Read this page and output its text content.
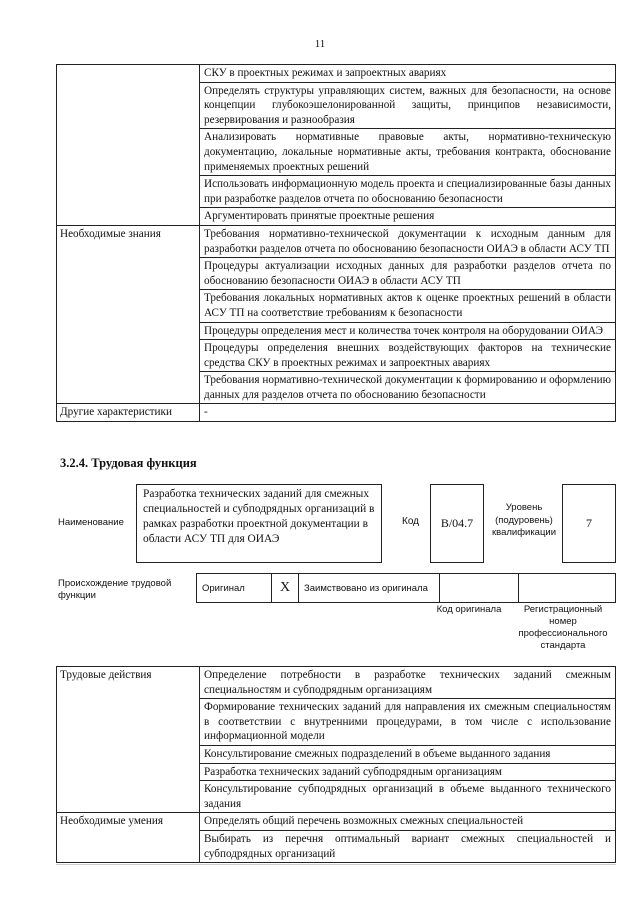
11
	СКУ в проектных режимах и запроектных авариях
	Определять структуры управляющих систем, важных для безопасности, на основе концепции глубокоэшелонированной защиты, принципов независимости, резервирования и разнообразия
	Анализировать нормативные правовые акты, нормативно-техническую документацию, локальные нормативные акты, требования контракта, обоснование применяемых проектных решений
	Использовать информационную модель проекта и специализированные базы данных при разработке разделов отчета по обоснованию безопасности
	Аргументировать принятые проектные решения
Необходимые знания	Требования нормативно-технической документации к исходным данным для разработки разделов отчета по обоснованию безопасности ОИАЭ в области АСУ ТП
	Процедуры актуализации исходных данных для разработки разделов отчета по обоснованию безопасности ОИАЭ в области АСУ ТП
	Требования локальных нормативных актов к оценке проектных решений в области АСУ ТП на соответствие требованиям к безопасности
	Процедуры определения мест и количества точек контроля на оборудовании ОИАЭ
	Процедуры определения внешних воздействующих факторов на технические средства СКУ в проектных режимах и запроектных авариях
	Требования нормативно-технической документации к формированию и оформлению данных для разделов отчета по обоснованию безопасности
Другие характеристики	-
3.2.4. Трудовая функция
Наименование
Разработка технических заданий для смежных специальностей и субподрядных организаций в рамках разработки проектной документации в области АСУ ТП для ОИАЭ
Код	B/04.7
Уровень (подуровень) квалификации
7
Происхождение трудовой функции
Оригинал	X	Заимствовано из оригинала		
Код оригинала	Регистрационный номер профессионального стандарта
Трудовые действия	Определение потребности в разработке технических заданий смежным специальностям и субподрядным организациям
	Формирование технических заданий для направления их смежным специальностям в соответствии с внутренними процедурами, в том числе с использование информационной модели
	Консультирование смежных подразделений в объеме выданного задания
	Разработка технических заданий субподрядным организациям
	Консультирование субподрядных организаций в объеме выданного технического задания
Необходимые умения	Определять общий перечень возможных смежных специальностей
	Выбирать из перечня оптимальный вариант смежных специальностей и субподрядных организаций
